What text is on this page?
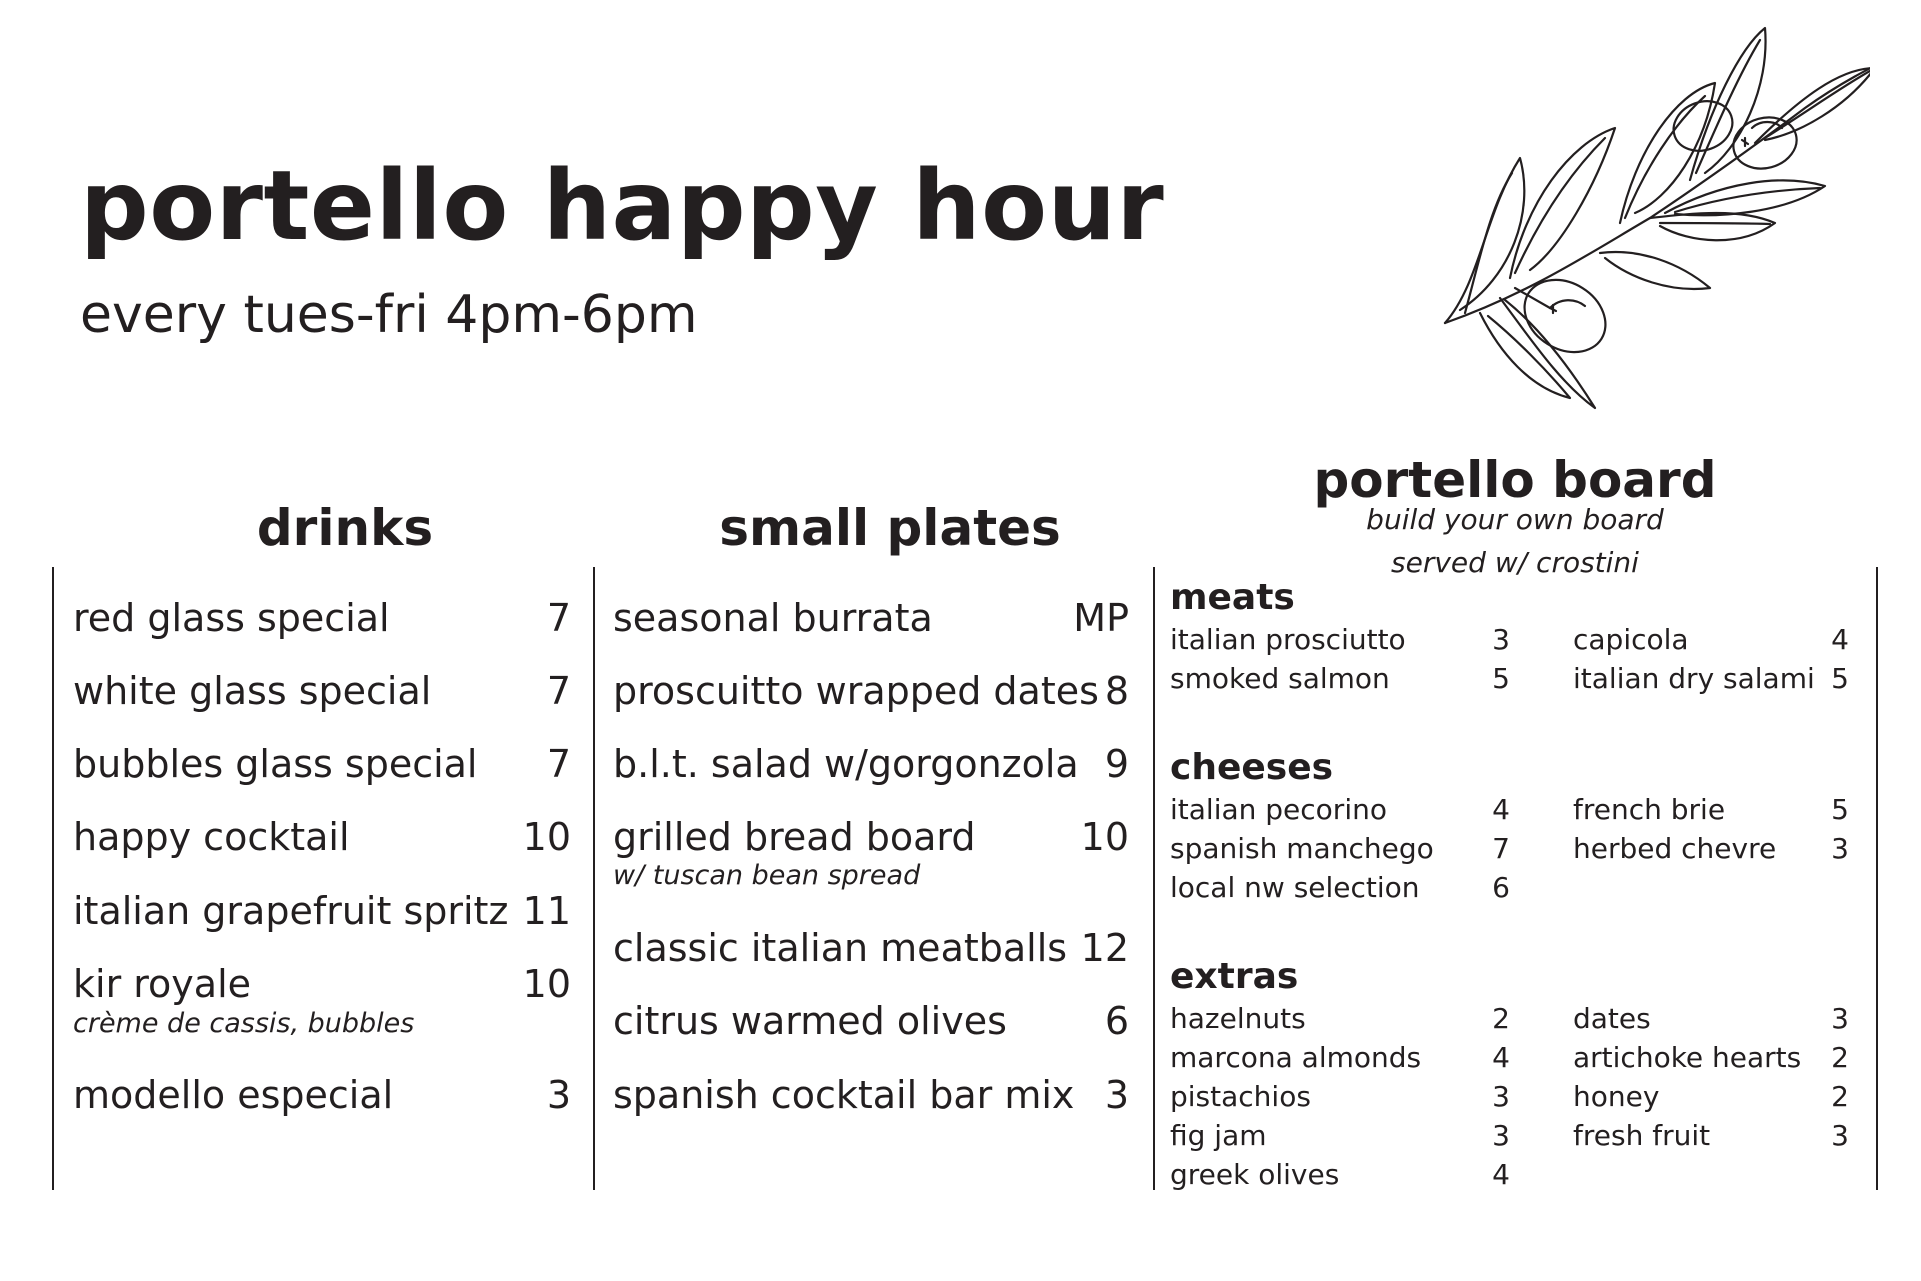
portello happy hour
every tues-fri 4pm-6pm
drinks	small plates
portello board
build your own board
served w/ crostini
red glass special	7
white glass special	7
bubbles glass special 7
happy cocktail	10
italian grapefruit spritz 11
kir royale	10
crème de cassis, bubbles
modello especial	3
seasonal burrata	MP
proscuitto wrapped dates 8
b.l.t. salad w/gorgonzola 9
grilled bread board	10
w/ tuscan bean spread
classic italian meatballs 12
citrus warmed olives	6
spanish cocktail bar mix 3
meats
italian prosciutto	3
smoked salmon	5
capicola	4
italian dry salami 5
cheeses
italian pecorino	4
spanish manchego 7
local nw selection	6
french brie	5
herbed chevre 3
extras
hazelnuts	2
marcona almonds	4
pistachios	3
fig jam	3
greek olives	4
dates	3
artichoke hearts 2
honey	2
fresh fruit	3
